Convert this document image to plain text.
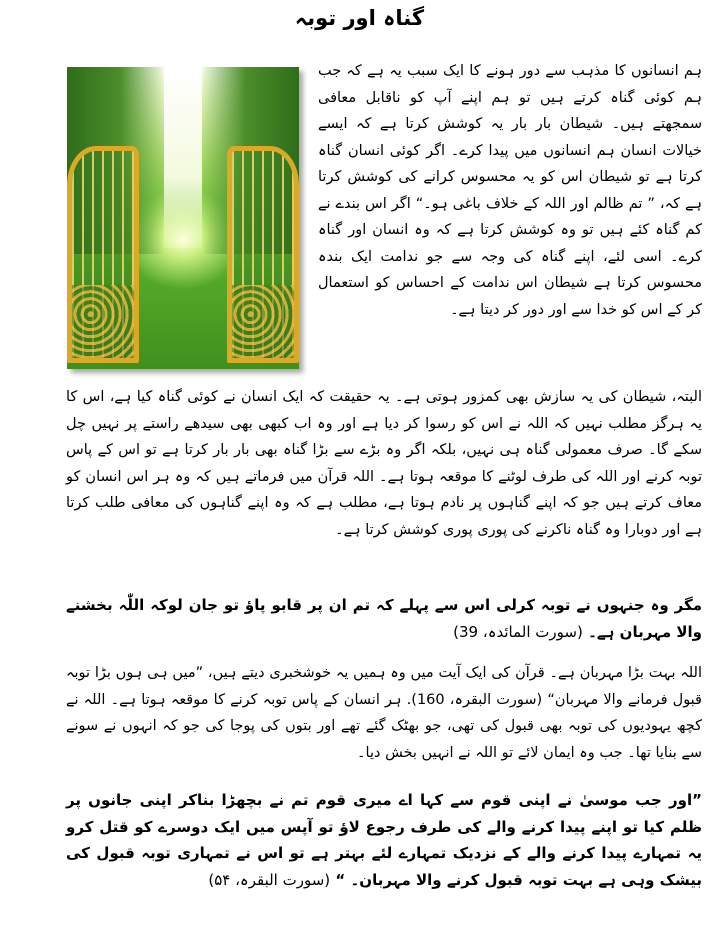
گناہ اور توبہ

ہم انسانوں کا مذہب سے دور ہونے کا ایک سبب یہ ہے کہ جب ہم کوئی گناہ کرتے ہیں تو ہم اپنے آپ کو ناقابل معافی سمجھتے ہیں۔ شیطان بار بار یہ کوشش کرتا ہے کہ ایسے خیالات انسان ہم انسانوں میں پیدا کرے۔ اگر کوئی انسان گناہ کرتا ہے تو شیطان اس کو یہ محسوس کرانے کی کوشش کرتا ہے کہ، ” تم ظالم اور اللہ کے خلاف باغی ہو۔“ اگر اس بندے نے کم گناہ کئے ہیں تو وہ کوشش کرتا ہے کہ وہ انسان اور گناہ کرے۔ اسی لئے، اپنے گناہ کی وجہ سے جو ندامت ایک بندہ محسوس کرتا ہے شیطان اس ندامت کے احساس کو استعمال کر کے اس کو خدا سے اور دور کر دیتا ہے۔

البتہ، شیطان کی یہ سازش بھی کمزور ہوتی ہے۔ یہ حقیقت کہ ایک انسان نے کوئی گناہ کیا ہے، اس کا یہ ہرگز مطلب نہیں کہ اللہ نے اس کو رسوا کر دیا ہے اور وہ اب کبھی بھی سیدھے راستے پر نہیں چل سکے گا۔ صرف معمولی گناہ ہی نہیں، بلکہ اگر وہ بڑے سے بڑا گناہ بھی بار بار کرتا ہے تو اس کے پاس توبہ کرنے اور اللہ کی طرف لوٹنے کا موقعہ ہوتا ہے۔ اللہ قرآن میں فرماتے ہیں کہ وہ ہر اس انسان کو معاف کرتے ہیں جو کہ اپنے گناہوں پر نادم ہوتا ہے، مطلب ہے کہ وہ اپنے گناہوں کی معافی طلب کرتا ہے اور دوبارا وہ گناہ ناکرنے کی پوری پوری کوشش کرتا ہے۔

مگر وہ جنہوں نے توبہ کرلی اس سے پہلے کہ تم ان پر قابو پاؤ تو جان لوکہ اللّٰہ بخشنے والا مہربان ہے۔ (سورت المائدہ، 39)

اللہ بہت بڑا مہربان ہے۔ قرآن کی ایک آیت میں وہ ہمیں یہ خوشخبری دیتے ہیں، ”میں ہی ہوں بڑا توبہ قبول فرمانے والا مہربان“ (سورت البقرہ، 160). ہر انسان کے پاس توبہ کرنے کا موقعہ ہوتا ہے۔ اللہ نے کچھ یہودیوں کی توبہ بھی قبول کی تھی، جو بھٹک گئے تھے اور بتوں کی پوجا کی جو کہ انہوں نے سونے سے بنایا تھا۔ جب وہ ایمان لائے تو اللہ نے انہیں بخش دیا۔

”اور جب موسیٰ نے اپنی قوم سے کہا اے میری قوم تم نے بچھڑا بناکر اپنی جانوں پر ظلم کیا تو اپنے پیدا کرنے والے کی طرف رجوع لاؤ تو آپس میں ایک دوسرے کو قتل کرو یہ تمہارے پیدا کرنے والے کے نزدیک تمہارے لئے بہتر ہے تو اس نے تمہاری توبہ قبول کی بیشک وہی ہے بہت توبہ قبول کرنے والا مہربان۔ “ (سورت البقرہ، ۵۴)
